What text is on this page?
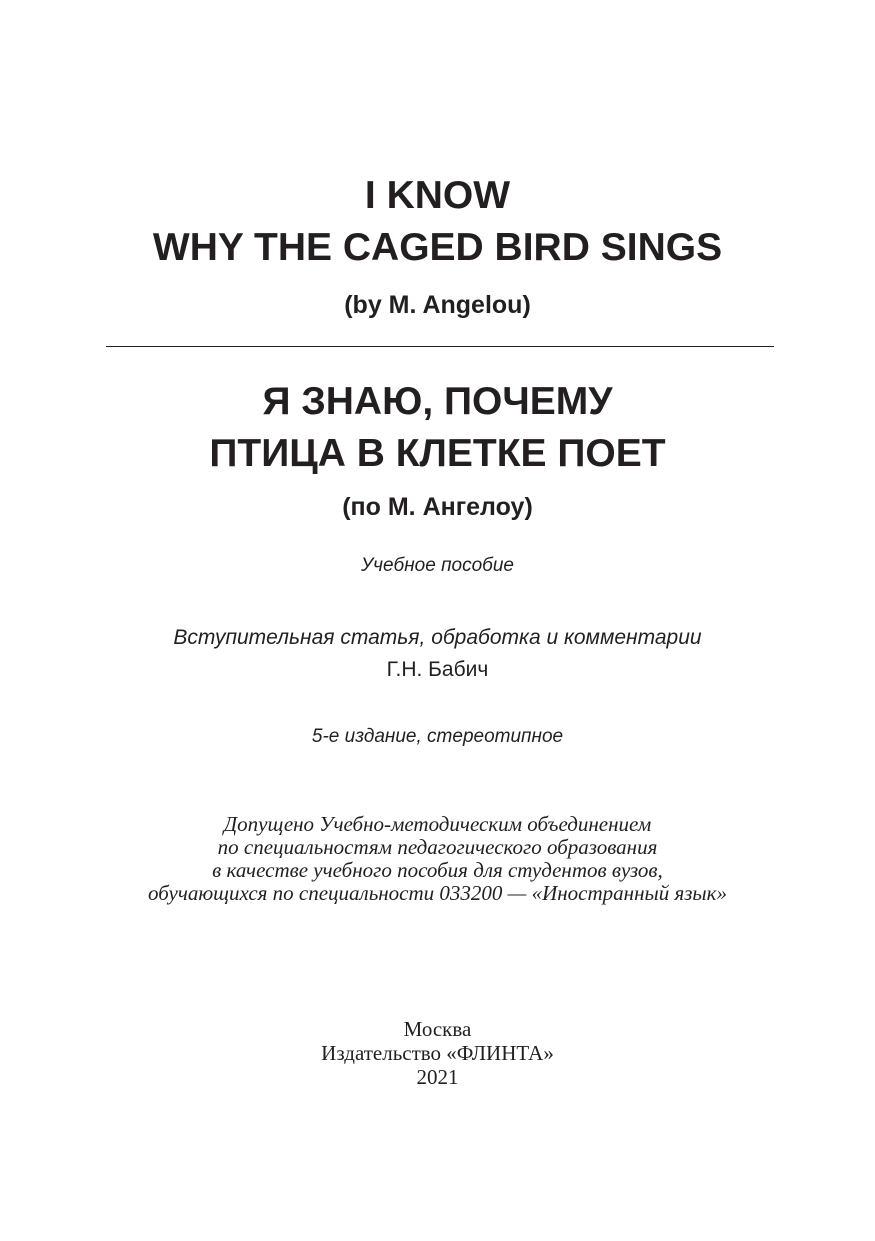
I KNOW
WHY THE CAGED BIRD SINGS
(by M. Angelou)
Я ЗНАЮ, ПОЧЕМУ
ПТИЦА В КЛЕТКЕ ПОЕТ
(по М. Ангелоу)
Учебное пособие
Вступительная статья, обработка и комментарии
Г.Н. Бабич
5-е издание, стереотипное
Допущено Учебно-методическим объединением
по специальностям педагогического образования
в качестве учебного пособия для студентов вузов,
обучающихся по специальности 033200 — «Иностранный язык»
Москва
Издательство «ФЛИНТА»
2021
